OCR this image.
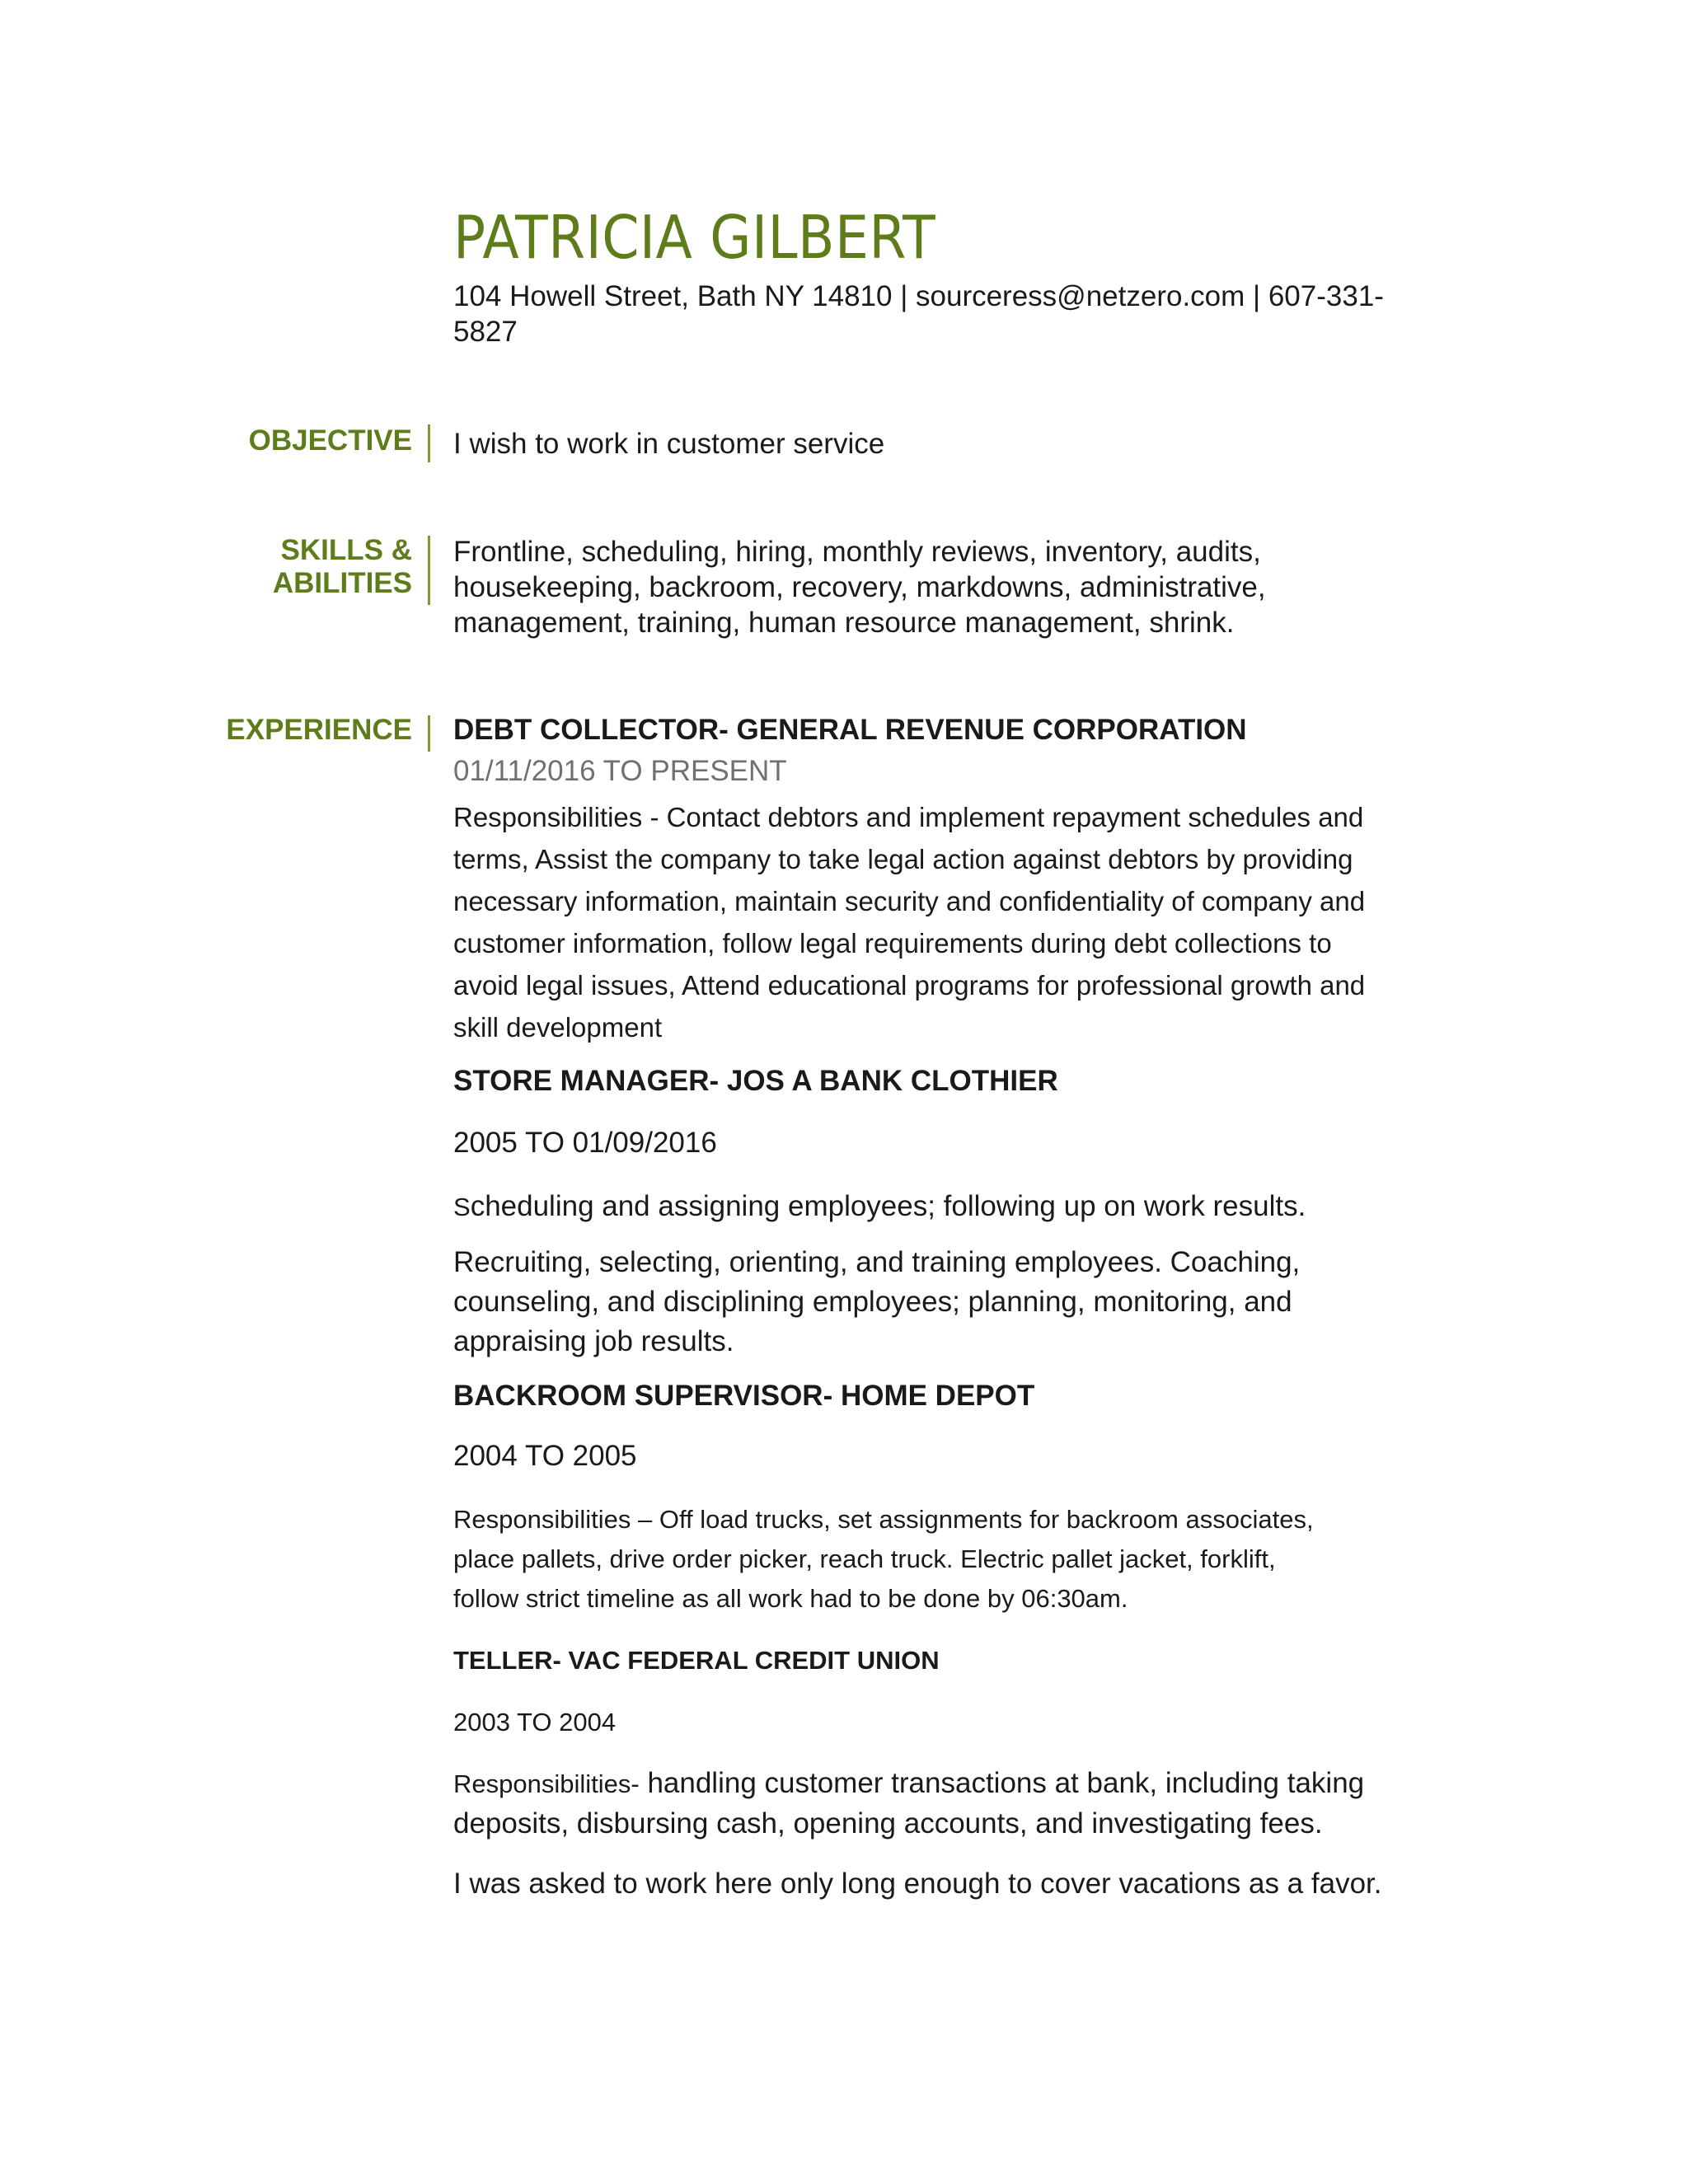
PATRICIA GILBERT
104 Howell Street, Bath NY 14810 | sourceress@netzero.com | 607-331-
5827
OBJECTIVE I wish to work in customer service

SKILLS &
ABILITIES
Frontline, scheduling, hiring, monthly reviews, inventory, audits,
housekeeping, backroom, recovery, markdowns, administrative,
management, training, human resource management, shrink.
EXPERIENCE DEBT COLLECTOR- GENERAL REVENUE CORPORATION
01/11/2016 TO PRESENT
Responsibilities - Contact debtors and implement repayment schedules and
terms, Assist the company to take legal action against debtors by providing
necessary information, maintain security and confidentiality of company and
customer information, follow legal requirements during debt collections to
avoid legal issues, Attend educational programs for professional growth and
skill development
STORE MANAGER- JOS A BANK CLOTHIER
2005 TO 01/09/2016

Scheduling and assigning employees; following up on work results.

Recruiting, selecting, orienting, and training employees. Coaching,
counseling, and disciplining employees; planning, monitoring, and
appraising job results.
BACKROOM SUPERVISOR- HOME DEPOT
2004 TO 2005
Responsibilities – Off load trucks, set assignments for backroom associates,
place pallets, drive order picker, reach truck. Electric pallet jacket, forklift,
follow strict timeline as all work had to be done by 06:30am.
TELLER- VAC FEDERAL CREDIT UNION
2003 TO 2004
Responsibilities- handling customer transactions at bank, including taking
deposits, disbursing cash, opening accounts, and investigating fees.

I was asked to work here only long enough to cover vacations as a favor.
